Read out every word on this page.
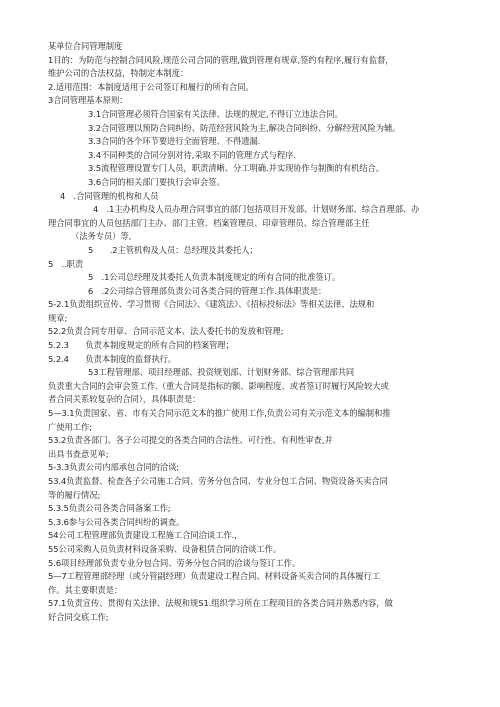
某单位合同管理制度
1目的：为防范与控制合同风险,规范公司合同的管理,做到管理有规章,签约有程序,履行有监督，
维护公司的合法权益，特制定本制度：
2.适用范围：本制度适用于公司签订和履行的所有合同。
3合同管理基本原则：
3.1合同管理必须符合国家有关法律、法规的规定,不得订立违法合同。
3.2合同管理以预防合同纠纷、防范经营风险为主,解决合同纠纷、分解经营风险为辅。
3.3合同的各个环节要进行全面管理、不得遗漏.
3.4不同种类的合同分别对待,采取不同的管理方式与程序.
3.5流程管理设置专门人员，职责清晰、分工明确.并实现协作与制衡的有机结合。
3.6合同的相关部门要执行会审会签。
4　.合同管理的机构和人员
4　.1主办机构及人员办理合同事宜的部门包括项目开发部、计划财务部、综合首理部、办
理合同事宜的人员包括部门主办、部门主管、档案管理员、印章管理员、综合管理部主任
（法务专员）等,
5　　.2主管机构及人员：总经理及其委托人；
5　..职责
5　.1公司总经理及其委托人负责本制度规定的所有合同的批准签订。
6　.2公司综合管理部负责公司各类合同的管理工作.具体职责是：
5-2.1负责组织宣传、学习贯彻《合同法》、《建筑法》、《招标投标法》等相关法律、法规和
规章;
52.2负责合同专用章、合同示范文本、法人委托书的发放和管理;
5.2.3　　负责本制度规定的所有合同的档案管理；
5.2.4　　负责本制度的监督执行。
53工程管理部、项目经理部、投资规划部、计划财务部、综合管理部共同
负责重大合同的会审会签工作.（重大合同是指标的额、影响程度、或者签订时履行风险较大或
者合同关系较复杂的合同），具体职责是：
5—3.1负责国家、省、市有关合同示范文本的推广使用工作,负责公司有关示范文本的编制和推
广使用工作;
53.2负责各部门、各子公司提交的各类合同的合法性、可行性、有利性审查,并
出具书查意见单;
5-3.3负责公司内部承包合同的洽谈;
53.4负责监督、检查各子公司施工合同、劳务分包合同、专业分包工合同、物资设备买卖合同
等的履行情况;
5.3.5负责公司各类合同备案工作;
5.3.6参与公司各类合同纠纷的调查。
54公司工程管理部负责建设工程施工合同洽谈工作.,
55公司采购人员负责材料设备采购、设备租赁合同的洽谈工作。
5.6项目经理部负责专业分包合同、劳务分包合同的洽谈与签订工作。
5—7工程管理部经理（或分管副经理）负责建设工程合同、材料设备买卖合同的具体履行工
作。其主要职责是：
57.1负责宣传、贯彻有关法律、法规和规S1.组织学习所在工程项目的各类合同并熟悉内容，做
好合同交底工作;
